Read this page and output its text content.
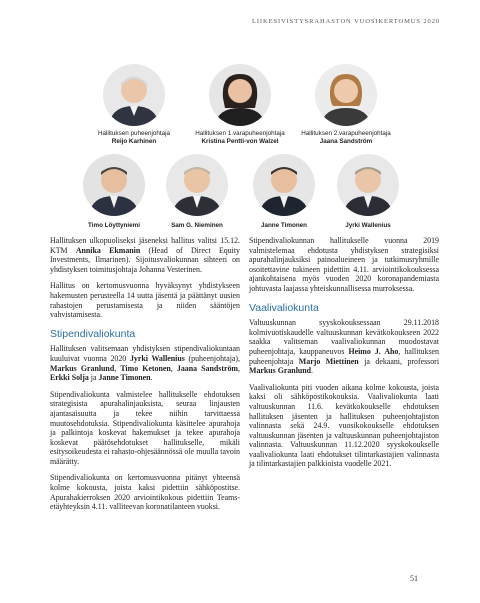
LIIKESIVISTYSRAHASTON VUOSIKERTOMUS 2020
Hallituksen puheenjohtaja
Reijo Karhinen
Hallituksen 1.varapuheenjohtaja
Kristina Pentti-von Walzel
Hallituksen 2.varapuheenjohtaja
Jaana Sandström
Timo Löyttyniemi	Sam G. Nieminen	Janne Timonen	Jyrki Wallenius

Hallituksen ulkopuoliseksi jäseneksi hallitus valitsi 15.12. KTM Annika Ekmanin (Head of Direct Equity Investments, Ilmarinen). Sijoitusvaliokunnan sihteeri on yhdistyksen toimitusjohtaja Johanna Vesterinen.

Hallitus on kertomusvuonna hyväksynyt yhdistykseen hakemusten perusteella 14 uutta jäsentä ja päättänyt uusien rahastojen perustamisesta ja niiden sääntöjen vahvistamisesta.

Stipendivaliokunta

Hallituksen valitsemaan yhdistyksen stipendivaliokuntaan kuuluivat vuonna 2020 Jyrki Wallenius (puheenjohtaja), Markus Granlund, Timo Ketonen, Jaana Sandström, Erkki Solja ja Janne Timonen.

Stipendivaliokunta valmistelee hallitukselle ehdotuksen strategisista apurahalinjauksista, seuraa linjausten ajantasaisuutta ja tekee niihin tarvittaessa muutosehdotuksia. Stipendivaliokunta käsittelee apurahoja ja palkintoja koskevat hakemukset ja tekee apurahoja koskevat päätösehdotukset hallitukselle, mikäli esitysoikeudesta ei rahasto-ohjesäännössä ole muulla tavoin määrätty.

Stipendivaliokunta on kertomusvuonna pitänyt yhteensä kolme kokousta, joista kaksi pidettiin sähköpostitse. Apurahakierroksen 2020 arviointikokous pidettiin Teams-etäyhteyksin 4.11. valliteevan koronatilanteen vuoksi.

Stipendivaliokunnan hallitukselle vuonna 2019 valmistelemaa ehdotusta yhdistyksen strategisiksi apurahalinjauksiksi painoalueineen ja tutkimusryhmille osoitettavine tukineen pidettiin 4.11. arviointikokouksessa ajankohtaisena myös vuoden 2020 koronapandemiasta johtuvasta laajassa yhteiskunnallisessa murroksessa.

Vaalivaliokunta

Valtuuskunnan syyskokouksessaan 29.11.2018 kolmivuotiskaudelle valtuuskunnan kevätkokoukseen 2022 saakka valitseman vaalivaliokunnan muodostavat puheenjohtaja, kauppaneuvos Heimo J. Aho, hallituksen puheenjohtaja Marjo Miettinen ja dekaani, professori Markus Granlund.

Vaalivaliokunta piti vuoden aikana kolme kokousta, joista kaksi oli sähköpostikokouksia. Vaalivaliokunta laati valtuuskunnan 11.6. kevätkokoukselle ehdotuksen hallituksen jäsenten ja hallituksen puheenjohtajiston valinnasta sekä 24.9. vuosikokoukselle ehdotuksen valtuuskunnan jäsenten ja valtuuskunnan puheenjohtajiston valinnasta. Valtuuskunnan 11.12.2020 syyskokoukselle vaalivaliokunta laati ehdotukset tilintarkastajien valinnasta ja tilintarkastajien palkkioista vuodelle 2021.

51
